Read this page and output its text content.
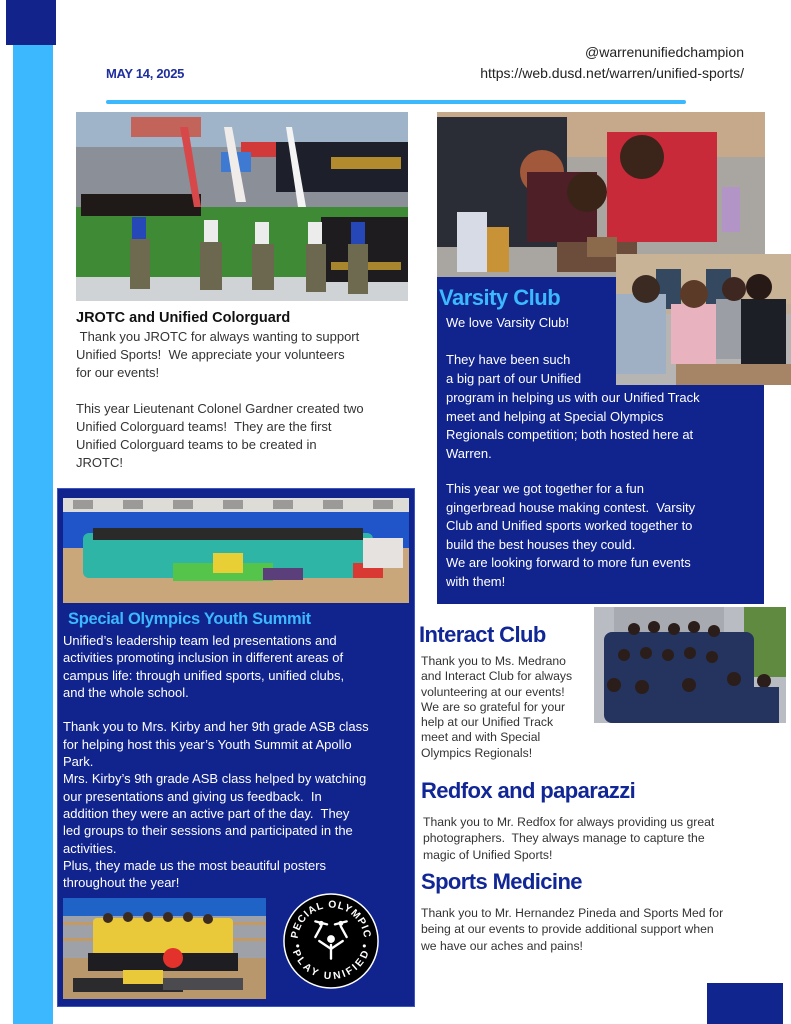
MAY 14, 2025
@warrenunifiedchampion
https://web.dusd.net/warren/unified-sports/
JROTC and Unified Colorguard
Thank you JROTC for always wanting to support
Unified Sports!  We appreciate your volunteers
for our events!

This year Lieutenant Colonel Gardner created two
Unified Colorguard teams!  They are the first
Unified Colorguard teams to be created in
JROTC!
Varsity Club
We love Varsity Club!

They have been such
a big part of our Unified
program in helping us with our Unified Track
meet and helping at Special Olympics
Regionals competition; both hosted here at
Warren.
This year we got together for a fun
gingerbread house making contest.  Varsity
Club and Unified sports worked together to
build the best houses they could.
We are looking forward to more fun events
with them!
Special Olympics Youth Summit
Unified’s leadership team led presentations and
activities promoting inclusion in different areas of
campus life: through unified sports, unified clubs,
and the whole school.

Thank you to Mrs. Kirby and her 9th grade ASB class
for helping host this year’s Youth Summit at Apollo
Park.
Mrs. Kirby’s 9th grade ASB class helped by watching
our presentations and giving us feedback.  In
addition they were an active part of the day.  They
led groups to their sessions and participated in the
activities.
Plus, they made us the most beautiful posters
throughout the year!
PECIAL OLYMPIC
PLAY UNIFIED
Interact Club
Thank you to Ms. Medrano
and Interact Club for always
volunteering at our events!
We are so grateful for your
help at our Unified Track
meet and with Special
Olympics Regionals!
Redfox and paparazzi
Thank you to Mr. Redfox for always providing us great
photographers.  They always manage to capture the
magic of Unified Sports!
Sports Medicine
Thank you to Mr. Hernandez Pineda and Sports Med for
being at our events to provide additional support when
we have our aches and pains!
